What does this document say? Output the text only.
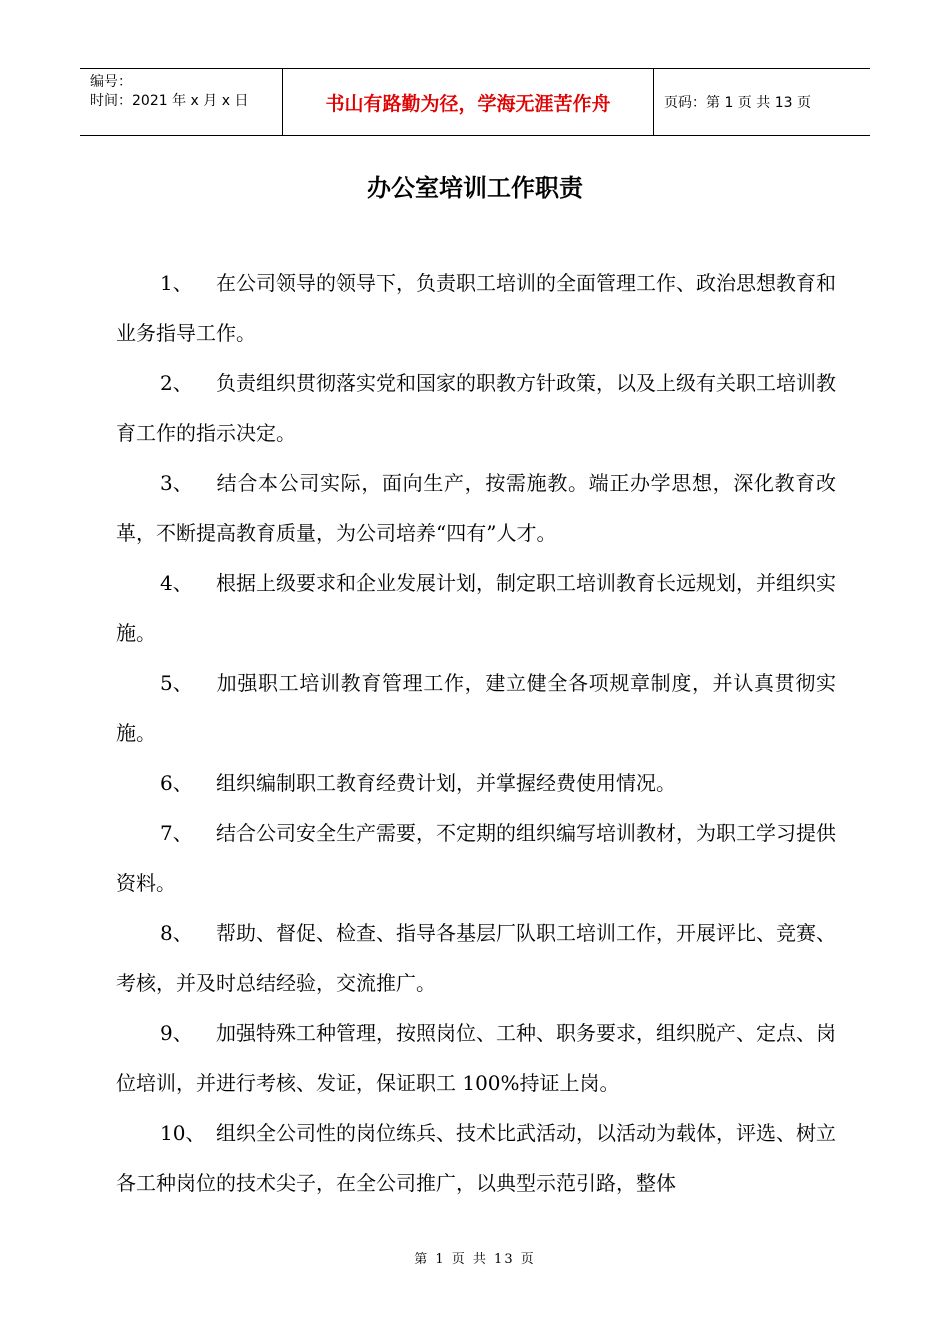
编号：
时间：2021 年 x 月 x 日	书山有路勤为径，学海无涯苦作舟	页码：第 1 页 共 13 页
办公室培训工作职责

1、 在公司领导的领导下，负责职工培训的全面管理工作、政治思想教育和业务指导工作。

2、 负责组织贯彻落实党和国家的职教方针政策，以及上级有关职工培训教育工作的指示决定。

3、 结合本公司实际，面向生产，按需施教。端正办学思想，深化教育改革，不断提高教育质量，为公司培养“四有”人才。

4、 根据上级要求和企业发展计划，制定职工培训教育长远规划，并组织实施。

5、 加强职工培训教育管理工作，建立健全各项规章制度，并认真贯彻实施。

6、 组织编制职工教育经费计划，并掌握经费使用情况。

7、 结合公司安全生产需要，不定期的组织编写培训教材，为职工学习提供资料。

8、 帮助、督促、检查、指导各基层厂队职工培训工作，开展评比、竞赛、考核，并及时总结经验，交流推广。

9、 加强特殊工种管理，按照岗位、工种、职务要求，组织脱产、定点、岗位培训，并进行考核、发证，保证职工 100%持证上岗。

10、 组织全公司性的岗位练兵、技术比武活动，以活动为载体，评选、树立各工种岗位的技术尖子，在全公司推广，以典型示范引路，整体

第 1 页 共 13 页
